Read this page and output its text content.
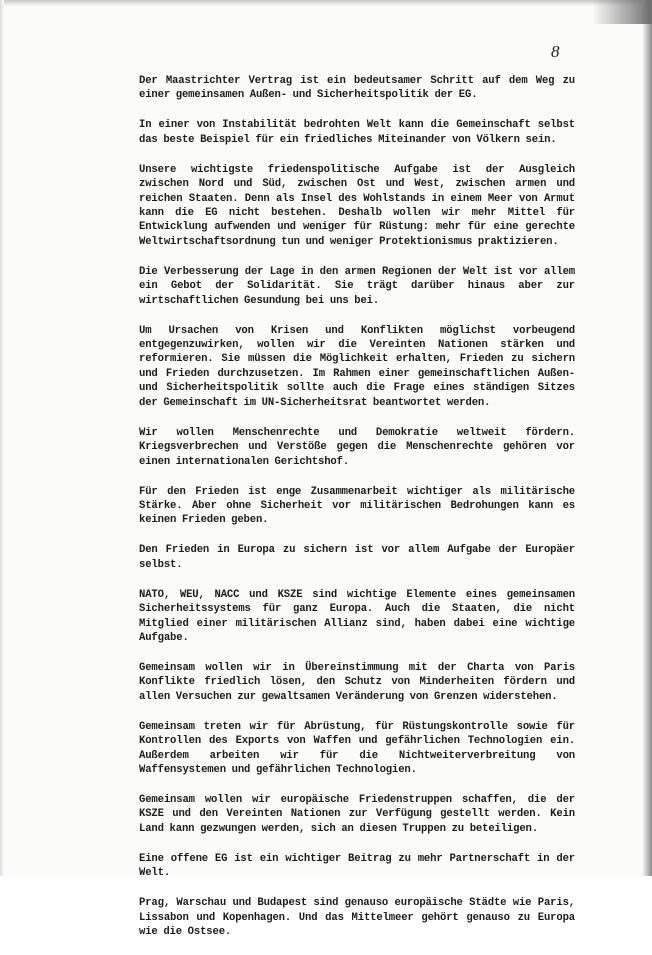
8

Der Maastrichter Vertrag ist ein bedeutsamer Schritt auf dem Weg zu einer gemeinsamen Außen- und Sicherheitspolitik der EG.

In einer von Instabilität bedrohten Welt kann die Gemeinschaft selbst das beste Beispiel für ein friedliches Miteinander von Völkern sein.

Unsere wichtigste friedenspolitische Aufgabe ist der Ausgleich zwischen Nord und Süd, zwischen Ost und West, zwischen armen und reichen Staaten. Denn als Insel des Wohlstands in einem Meer von Armut kann die EG nicht bestehen. Deshalb wollen wir mehr Mittel für Entwicklung aufwenden und weniger für Rüstung: mehr für eine gerechte Weltwirtschaftsordnung tun und weniger Protektionismus praktizieren.

Die Verbesserung der Lage in den armen Regionen der Welt ist vor allem ein Gebot der Solidarität. Sie trägt darüber hinaus aber zur wirtschaftlichen Gesundung bei uns bei.

Um Ursachen von Krisen und Konflikten möglichst vorbeugend entgegenzuwirken, wollen wir die Vereinten Nationen stärken und reformieren. Sie müssen die Möglichkeit erhalten, Frieden zu sichern und Frieden durchzusetzen. Im Rahmen einer gemeinschaftlichen Außen- und Sicherheitspolitik sollte auch die Frage eines ständigen Sitzes der Gemeinschaft im UN-Sicherheitsrat beantwortet werden.

Wir wollen Menschenrechte und Demokratie weltweit fördern. Kriegsverbrechen und Verstöße gegen die Menschenrechte gehören vor einen internationalen Gerichtshof.

Für den Frieden ist enge Zusammenarbeit wichtiger als militärische Stärke. Aber ohne Sicherheit vor militärischen Bedrohungen kann es keinen Frieden geben.

Den Frieden in Europa zu sichern ist vor allem Aufgabe der Europäer selbst.

NATO, WEU, NACC und KSZE sind wichtige Elemente eines gemeinsamen Sicherheitssystems für ganz Europa. Auch die Staaten, die nicht Mitglied einer militärischen Allianz sind, haben dabei eine wichtige Aufgabe.

Gemeinsam wollen wir in Übereinstimmung mit der Charta von Paris Konflikte friedlich lösen, den Schutz von Minderheiten fördern und allen Versuchen zur gewaltsamen Veränderung von Grenzen widerstehen.

Gemeinsam treten wir für Abrüstung, für Rüstungskontrolle sowie für Kontrollen des Exports von Waffen und gefährlichen Technologien ein. Außerdem arbeiten wir für die Nichtweiterverbreitung von Waffensystemen und gefährlichen Technologien.

Gemeinsam wollen wir europäische Friedenstruppen schaffen, die der KSZE und den Vereinten Nationen zur Verfügung gestellt werden. Kein Land kann gezwungen werden, sich an diesen Truppen zu beteiligen.

Eine offene EG ist ein wichtiger Beitrag zu mehr Partnerschaft in der Welt.

Prag, Warschau und Budapest sind genauso europäische Städte wie Paris, Lissabon und Kopenhagen. Und das Mittelmeer gehört genauso zu Europa wie die Ostsee.
